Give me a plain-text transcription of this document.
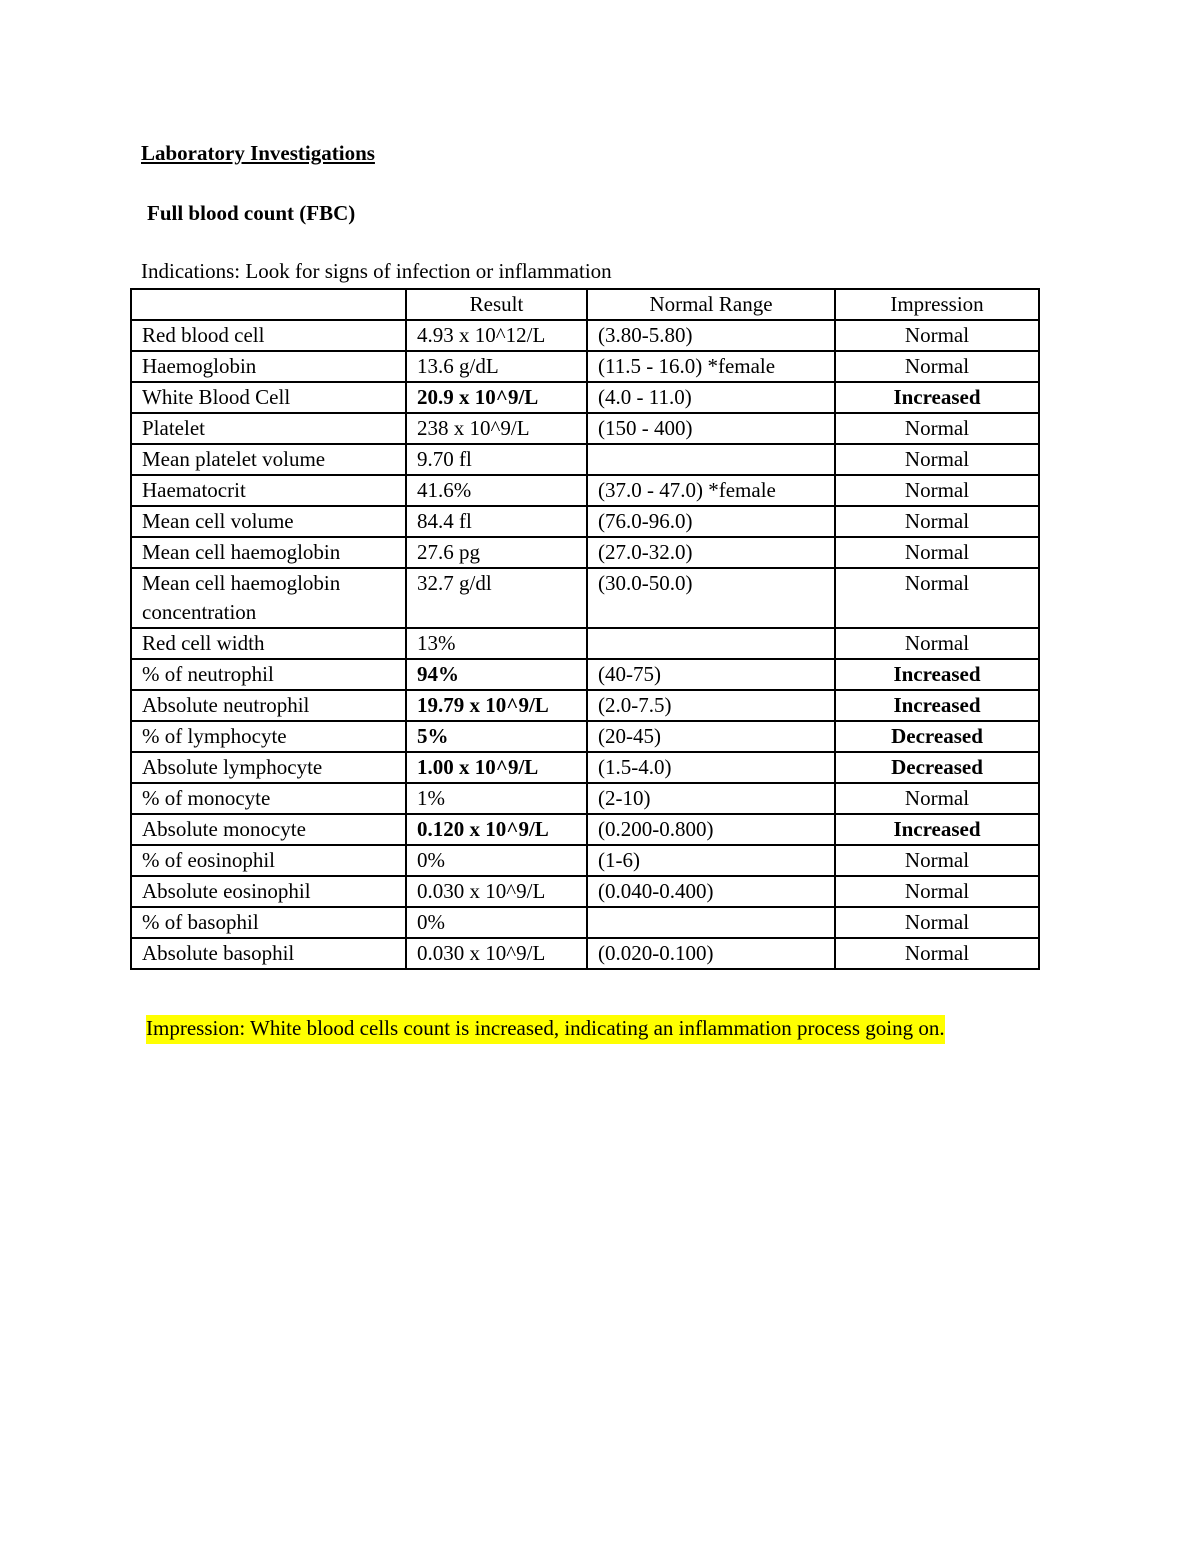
Laboratory Investigations
Full blood count (FBC)
Indications: Look for signs of infection or inflammation
	Result	Normal Range	Impression
Red blood cell	4.93 x 10^12/L	(3.80-5.80)	Normal
Haemoglobin	13.6 g/dL	(11.5 - 16.0) *female	Normal
White Blood Cell	20.9 x 10^9/L	(4.0 - 11.0)	Increased
Platelet	238 x 10^9/L	(150 - 400)	Normal
Mean platelet volume	9.70 fl		Normal
Haematocrit	41.6%	(37.0 - 47.0) *female	Normal
Mean cell volume	84.4 fl	(76.0-96.0)	Normal
Mean cell haemoglobin	27.6 pg	(27.0-32.0)	Normal
Mean cell haemoglobin concentration	32.7 g/dl	(30.0-50.0)	Normal
Red cell width	13%		Normal
% of neutrophil	94%	(40-75)	Increased
Absolute neutrophil	19.79 x 10^9/L	(2.0-7.5)	Increased
% of lymphocyte	5%	(20-45)	Decreased
Absolute lymphocyte	1.00 x 10^9/L	(1.5-4.0)	Decreased
% of monocyte	1%	(2-10)	Normal
Absolute monocyte	0.120 x 10^9/L	(0.200-0.800)	Increased
% of eosinophil	0%	(1-6)	Normal
Absolute eosinophil	0.030 x 10^9/L	(0.040-0.400)	Normal
% of basophil	0%		Normal
Absolute basophil	0.030 x 10^9/L	(0.020-0.100)	Normal
Impression: White blood cells count is increased, indicating an inflammation process going on.
